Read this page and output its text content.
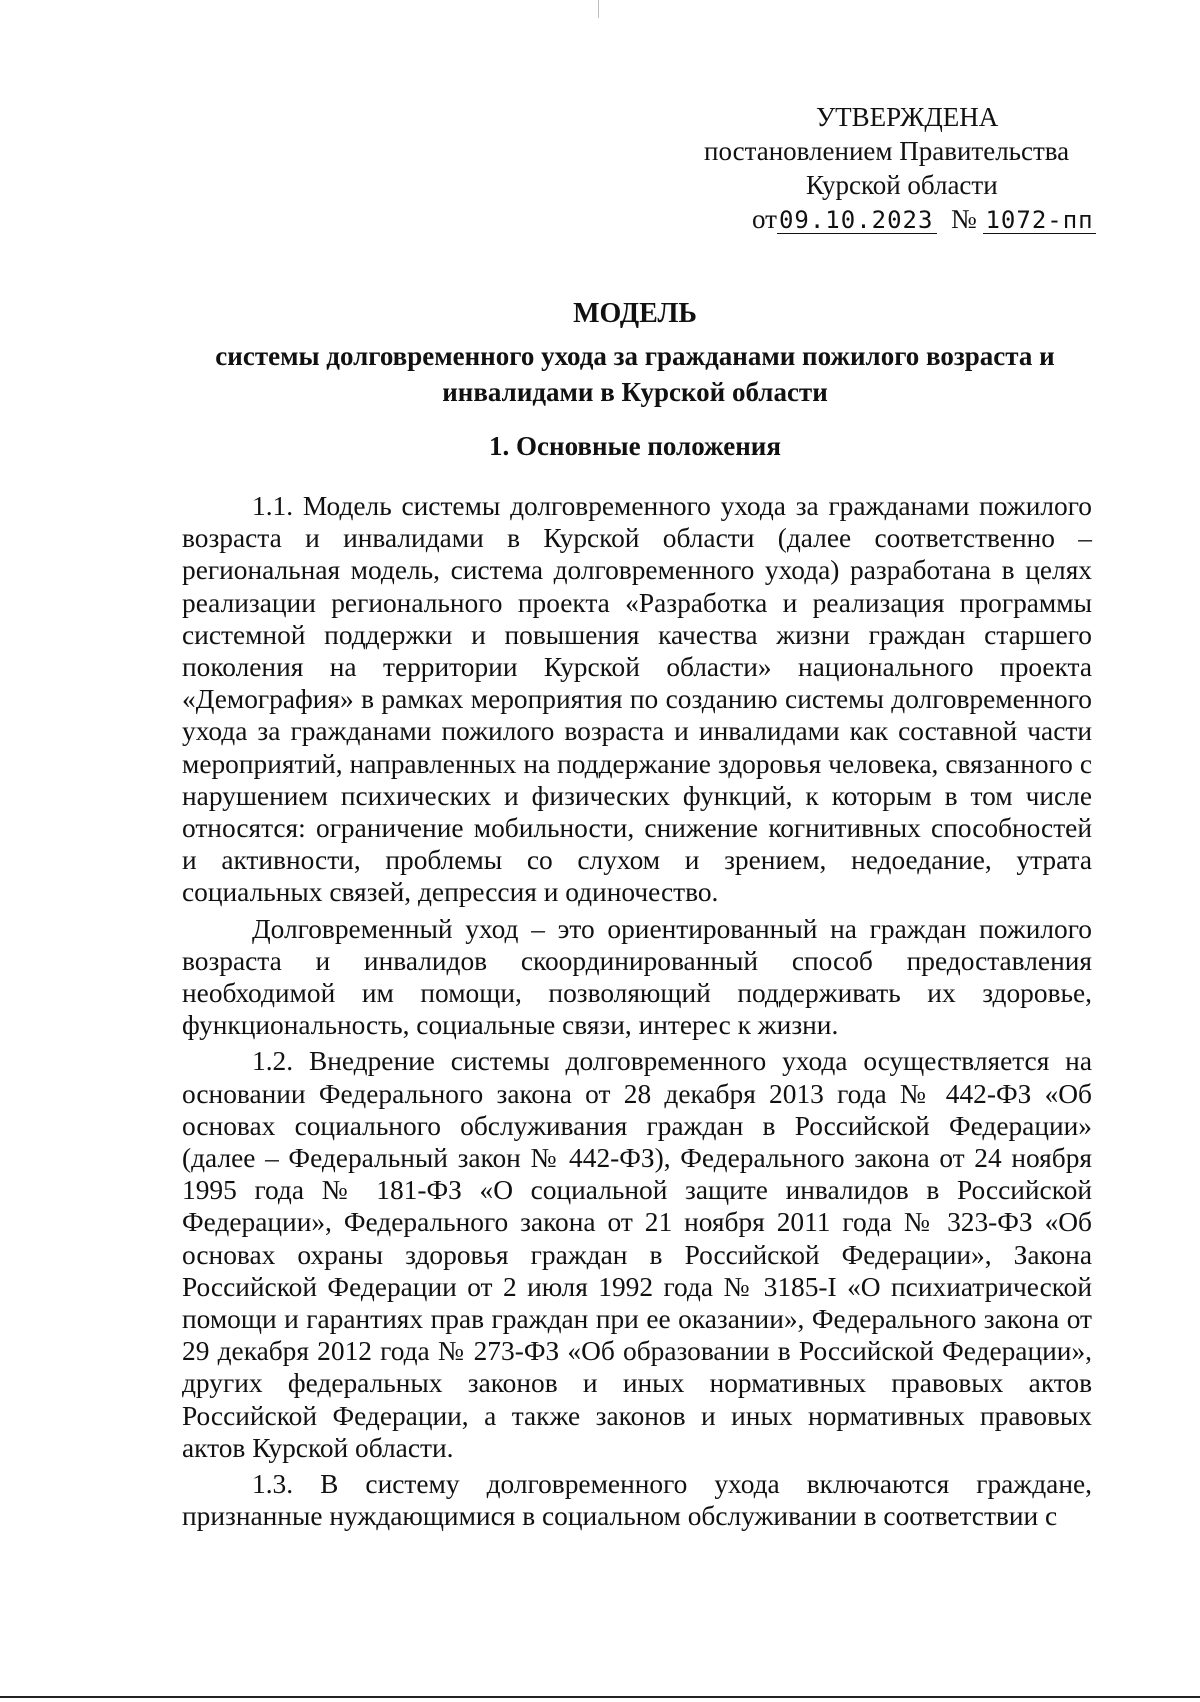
УТВЕРЖДЕНА
постановлением Правительства
Курской области
от09.10.2023 № 1072-пп
МОДЕЛЬ
системы долговременного ухода за гражданами пожилого возраста и
инвалидами в Курской области
1. Основные положения

1.1. Модель системы долговременного ухода за гражданами пожилого возраста и инвалидами в Курской области (далее соответственно – региональная модель, система долговременного ухода) разработана в целях реализации регионального проекта «Разработка и реализация программы системной поддержки и повышения качества жизни граждан старшего поколения на территории Курской области» национального проекта «Демография» в рамках мероприятия по созданию системы долговременного ухода за гражданами пожилого возраста и инвалидами как составной части мероприятий, направленных на поддержание здоровья человека, связанного с нарушением психических и физических функций, к которым в том числе относятся: ограничение мобильности, снижение когнитивных способностей и активности, проблемы со слухом и зрением, недоедание, утрата социальных связей, депрессия и одиночество.

Долговременный уход – это ориентированный на граждан пожилого возраста и инвалидов скоординированный способ предоставления необходимой им помощи, позволяющий поддерживать их здоровье, функциональность, социальные связи, интерес к жизни.

1.2. Внедрение системы долговременного ухода осуществляется на основании Федерального закона от 28 декабря 2013 года № 442-ФЗ «Об основах социального обслуживания граждан в Российской Федерации» (далее – Федеральный закон № 442-ФЗ), Федерального закона от 24 ноября 1995 года № 181-ФЗ «О социальной защите инвалидов в Российской Федерации», Федерального закона от 21 ноября 2011 года № 323-ФЗ «Об основах охраны здоровья граждан в Российской Федерации», Закона Российской Федерации от 2 июля 1992 года № 3185-I «О психиатрической помощи и гарантиях прав граждан при ее оказании», Федерального закона от 29 декабря 2012 года № 273-ФЗ «Об образовании в Российской Федерации», других федеральных законов и иных нормативных правовых актов Российской Федерации, а также законов и иных нормативных правовых актов Курской области.

1.3. В систему долговременного ухода включаются граждане, признанные нуждающимися в социальном обслуживании в соответствии с
